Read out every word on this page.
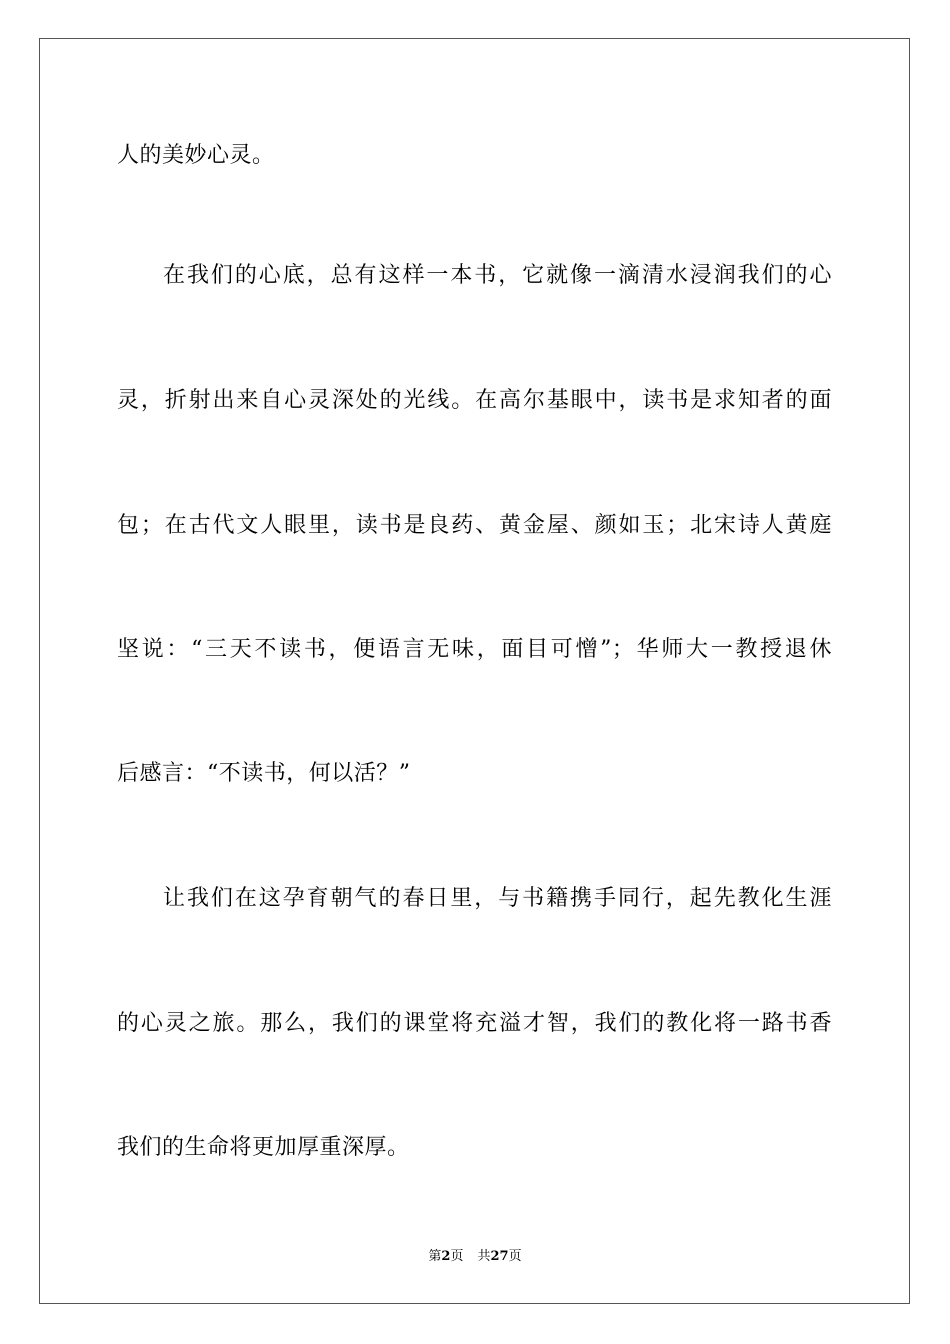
人的美妙心灵。
在我们的心底，总有这样一本书，它就像一滴清水浸润我们的心
灵，折射出来自心灵深处的光线。在高尔基眼中，读书是求知者的面
包；在古代文人眼里，读书是良药、黄金屋、颜如玉；北宋诗人黄庭
坚说：“三天不读书，便语言无味，面目可憎”；华师大一教授退休
后感言：“不读书，何以活？”
让我们在这孕育朝气的春日里，与书籍携手同行，起先教化生涯
的心灵之旅。那么，我们的课堂将充溢才智，我们的教化将一路书香
我们的生命将更加厚重深厚。
第2页 共27页
